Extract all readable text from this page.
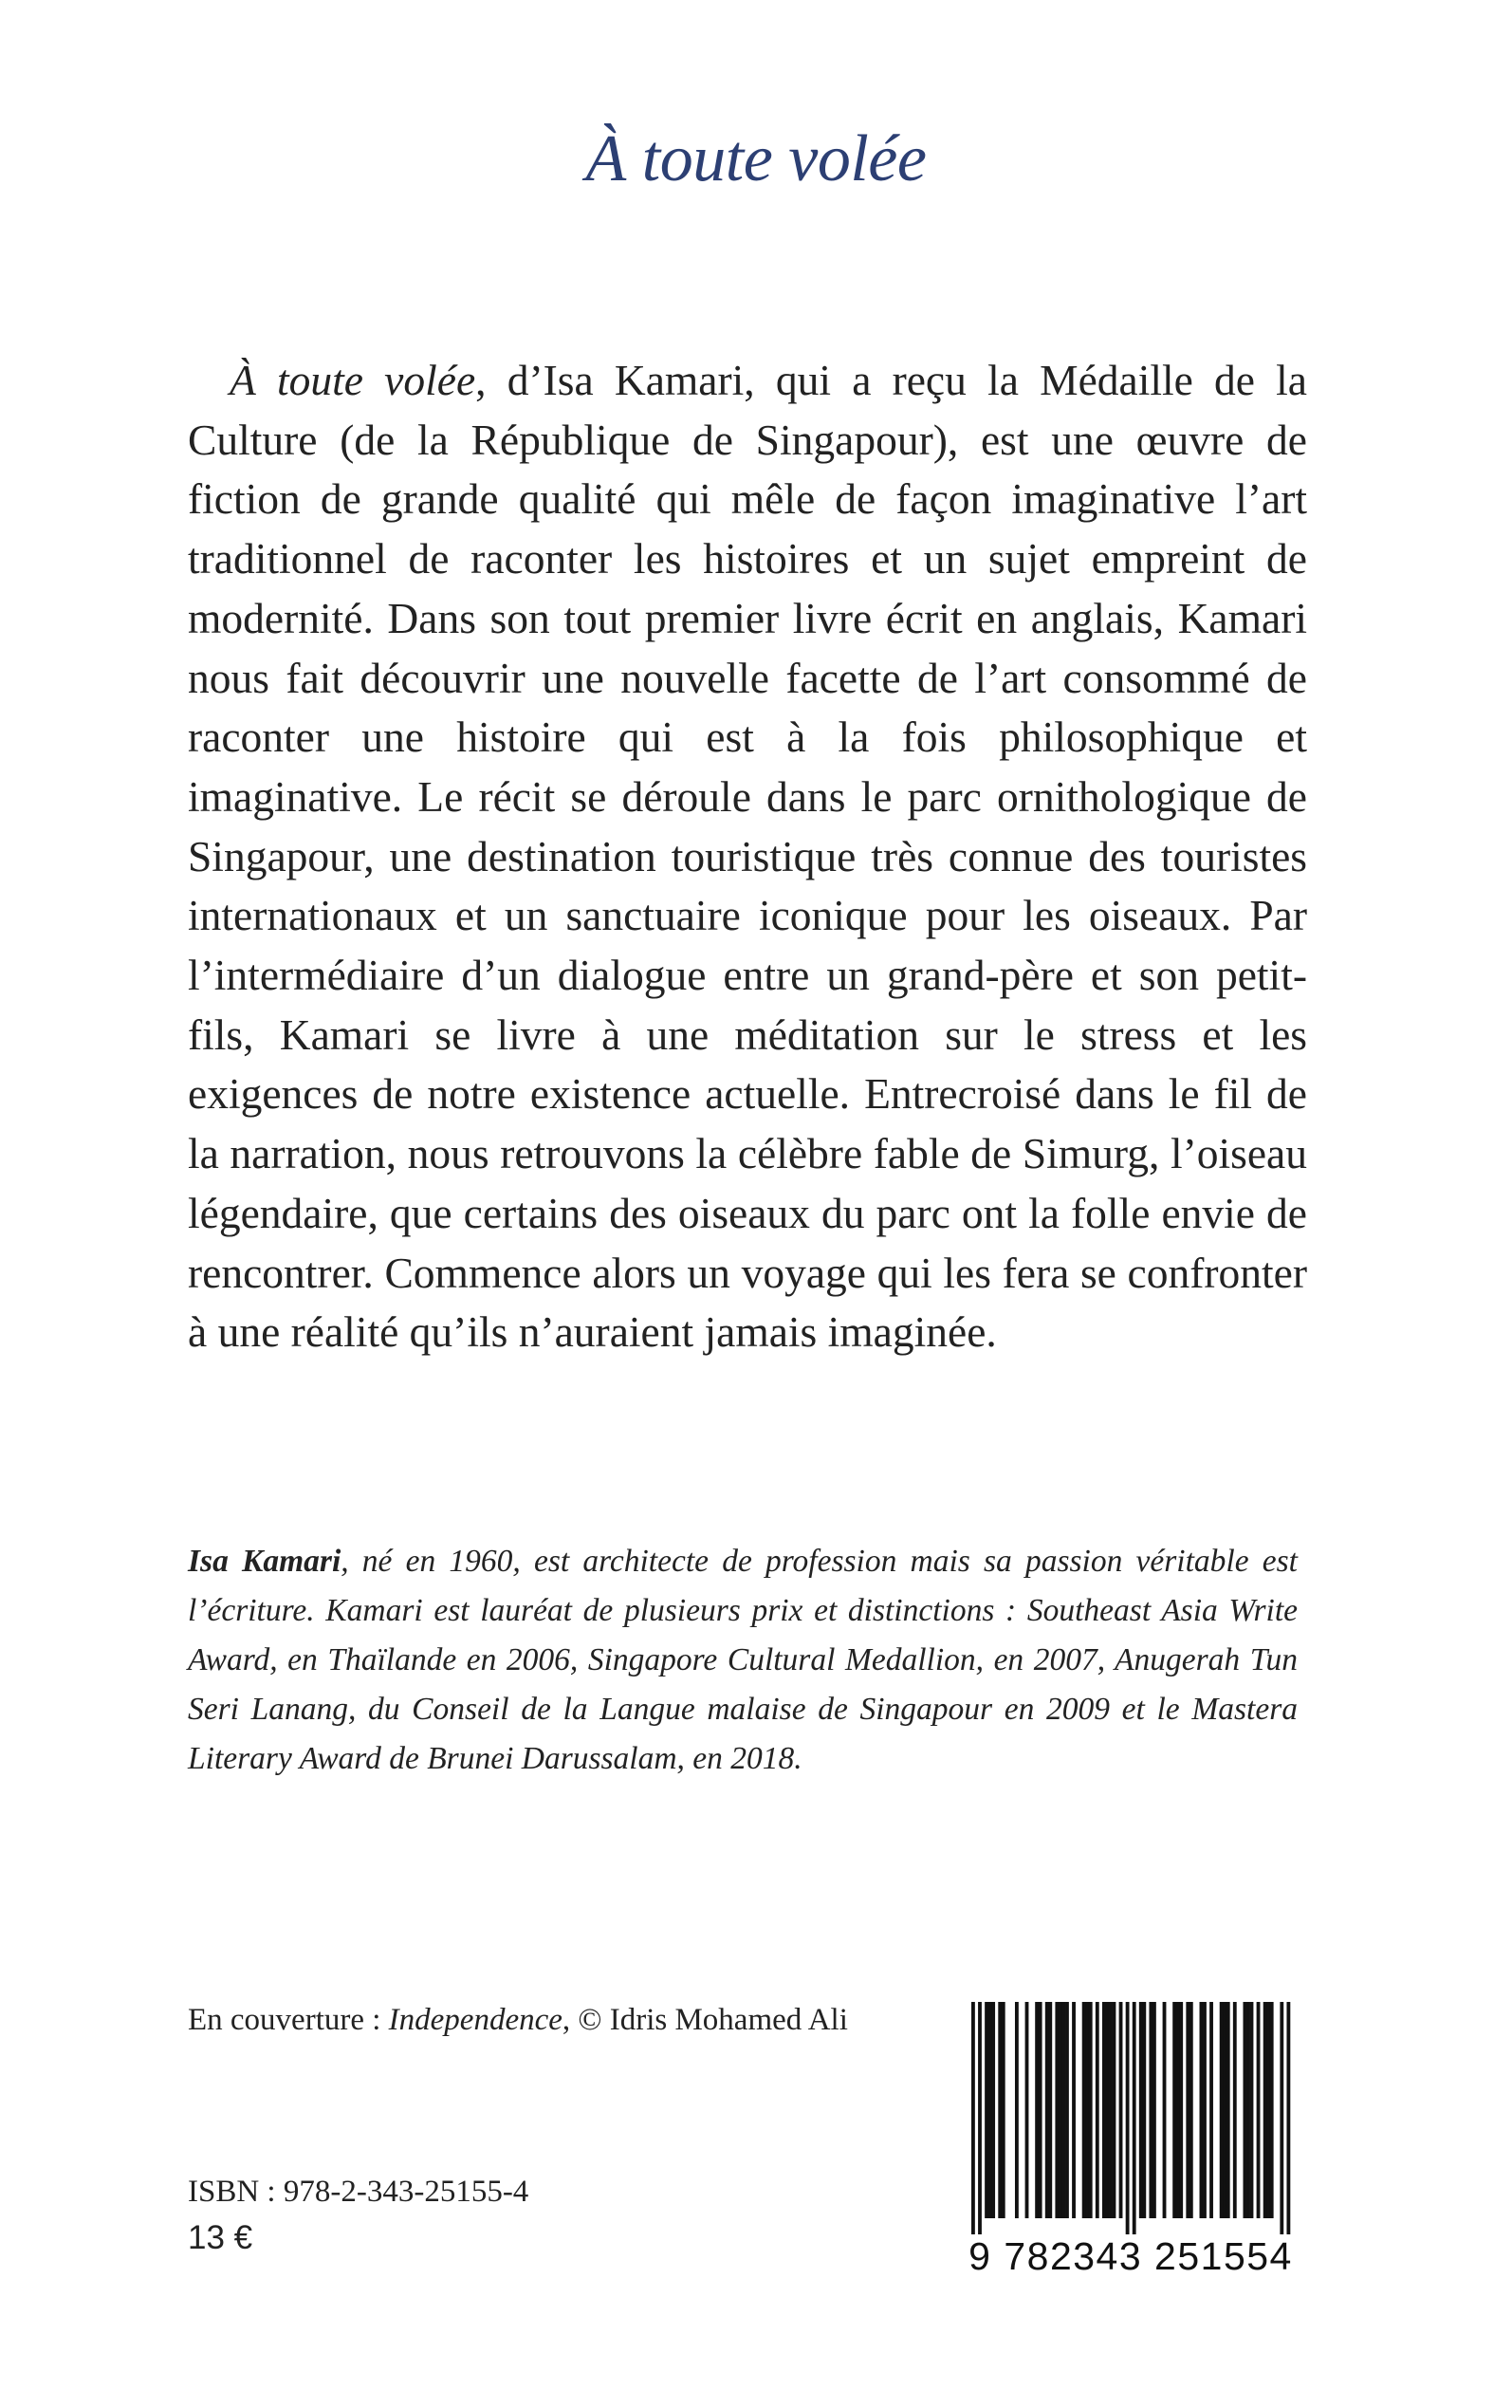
À toute volée

À toute volée, d’Isa Kamari, qui a reçu la Médaille de la Culture (de la République de Singapour), est une œuvre de fiction de grande qualité qui mêle de façon imaginative l’art traditionnel de raconter les histoires et un sujet empreint de modernité. Dans son tout premier livre écrit en anglais, Kamari nous fait découvrir une nouvelle facette de l’art consommé de raconter une histoire qui est à la fois philosophique et imaginative. Le récit se déroule dans le parc ornithologique de Singapour, une destination touristique très connue des touristes internationaux et un sanctuaire iconique pour les oiseaux. Par l’intermédiaire d’un dialogue entre un grand-père et son petit-fils, Kamari se livre à une méditation sur le stress et les exigences de notre existence actuelle. Entrecroisé dans le fil de la narration, nous retrouvons la célèbre fable de Simurg, l’oiseau légendaire, que certains des oiseaux du parc ont la folle envie de rencontrer. Commence alors un voyage qui les fera se confronter à une réalité qu’ils n’auraient jamais imaginée.

Isa Kamari, né en 1960, est architecte de profession mais sa passion véritable est l’écriture. Kamari est lauréat de plusieurs prix et distinctions : Southeast Asia Write Award, en Thaïlande en 2006, Singapore Cultural Medallion, en 2007, Anugerah Tun Seri Lanang, du Conseil de la Langue malaise de Singapour en 2009 et le Mastera Literary Award de Brunei Darussalam, en 2018.

En couverture : Independence, © Idris Mohamed Ali
ISBN : 978-2-343-25155-4
13 €	9 782343 251554
